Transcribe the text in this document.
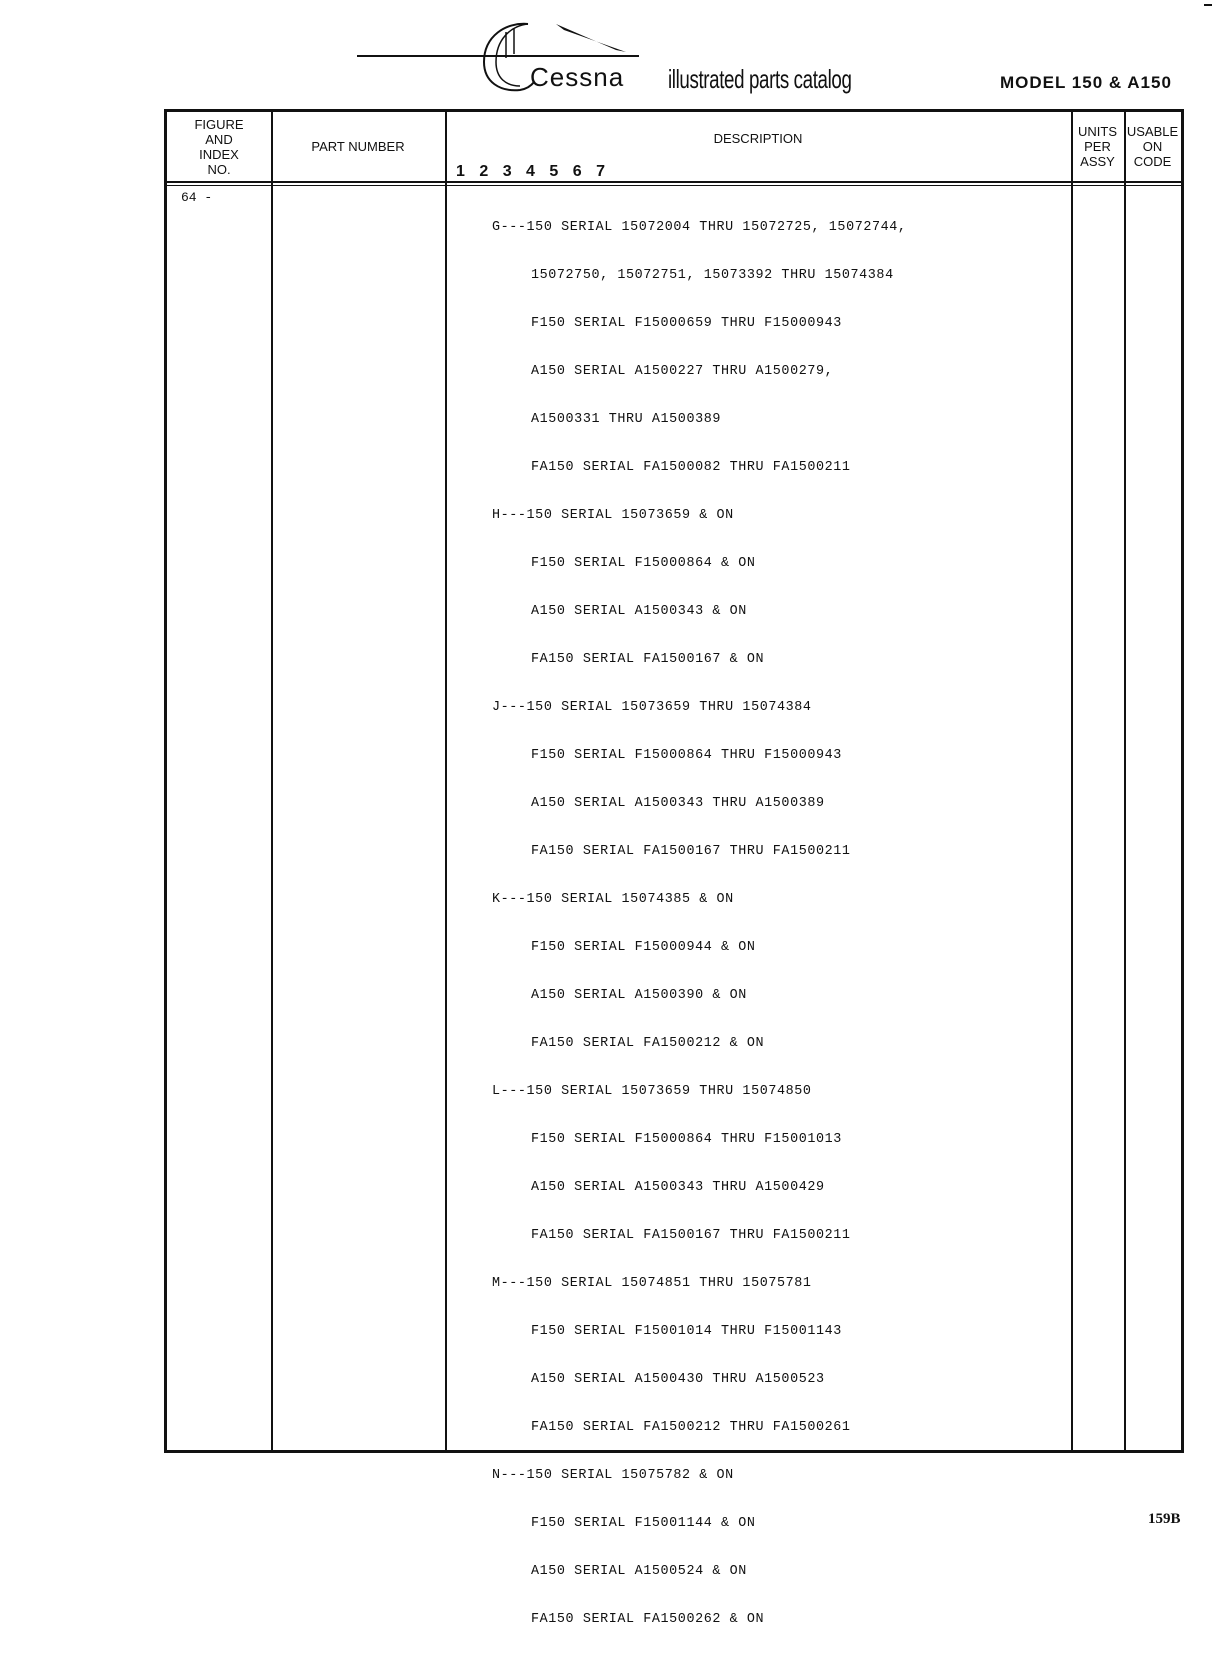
Cessna illustrated parts catalog	MODEL 150 & A150
FIGURE
AND
INDEX
NO.
PART NUMBER
DESCRIPTION
1 2 3 4 5 6 7
UNITS
PER
ASSY
USABLE
ON
CODE
64 -

G---150 SERIAL 15072004 THRU 15072725, 15072744,

15072750, 15072751, 15073392 THRU 15074384

F150 SERIAL F15000659 THRU F15000943

A150 SERIAL A1500227 THRU A1500279,

A1500331 THRU A1500389

FA150 SERIAL FA1500082 THRU FA1500211

H---150 SERIAL 15073659 & ON

F150 SERIAL F15000864 & ON

A150 SERIAL A1500343 & ON

FA150 SERIAL FA1500167 & ON

J---150 SERIAL 15073659 THRU 15074384

F150 SERIAL F15000864 THRU F15000943

A150 SERIAL A1500343 THRU A1500389

FA150 SERIAL FA1500167 THRU FA1500211

K---150 SERIAL 15074385 & ON

F150 SERIAL F15000944 & ON

A150 SERIAL A1500390 & ON

FA150 SERIAL FA1500212 & ON

L---150 SERIAL 15073659 THRU 15074850

F150 SERIAL F15000864 THRU F15001013

A150 SERIAL A1500343 THRU A1500429

FA150 SERIAL FA1500167 THRU FA1500211

M---150 SERIAL 15074851 THRU 15075781

F150 SERIAL F15001014 THRU F15001143

A150 SERIAL A1500430 THRU A1500523

FA150 SERIAL FA1500212 THRU FA1500261

N---150 SERIAL 15075782 & ON

F150 SERIAL F15001144 & ON

A150 SERIAL A1500524 & ON

FA150 SERIAL FA1500262 & ON

159B
